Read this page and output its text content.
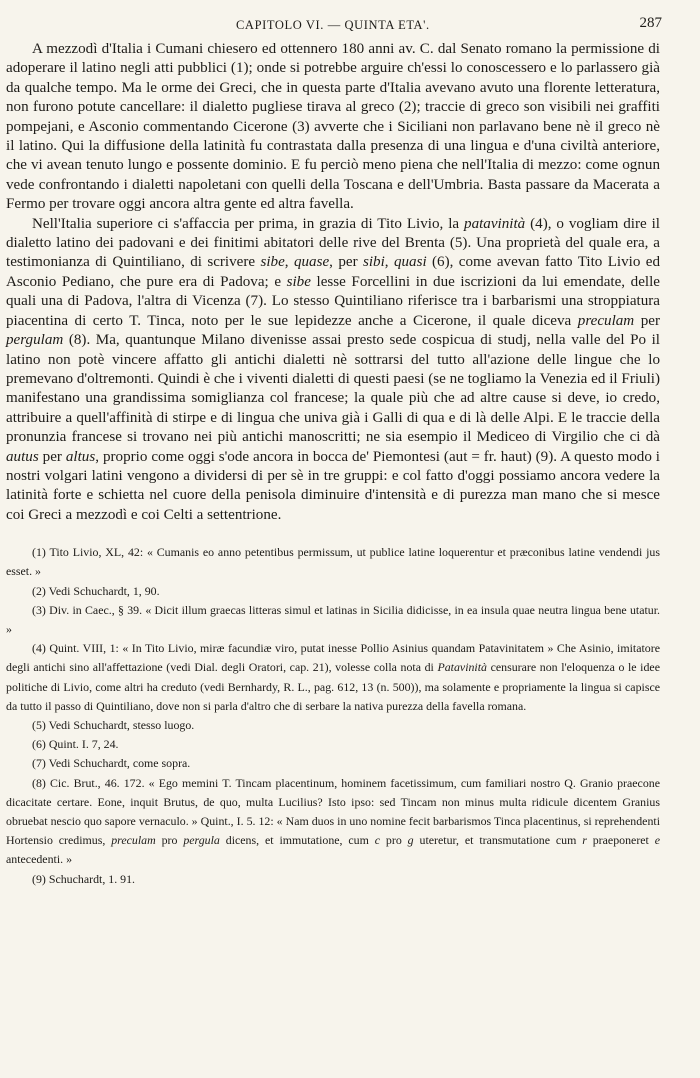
CAPITOLO VI. — QUINTA ETA'.	287

A mezzodì d'Italia i Cumani chiesero ed ottennero 180 anni av. C. dal Senato romano la permissione di adoperare il latino negli atti pubblici (1); onde si potrebbe arguire ch'essi lo conoscessero e lo parlassero già da qualche tempo. Ma le orme dei Greci, che in questa parte d'Italia avevano avuto una florente letteratura, non furono potute cancellare: il dialetto pugliese tirava al greco (2); traccie di greco son visibili nei graffiti pompejani, e Asconio commentando Cicerone (3) avverte che i Siciliani non parlavano bene nè il greco nè il latino. Qui la diffusione della latinità fu contrastata dalla presenza di una lingua e d'una civiltà anteriore, che vi avean tenuto lungo e possente dominio. E fu perciò meno piena che nell'Italia di mezzo: come ognun vede confrontando i dialetti napoletani con quelli della Toscana e dell'Umbria. Basta passare da Macerata a Fermo per trovare oggi ancora altra gente ed altra favella.

Nell'Italia superiore ci s'affaccia per prima, in grazia di Tito Livio, la patavinità (4), o vogliam dire il dialetto latino dei padovani e dei finitimi abitatori delle rive del Brenta (5). Una proprietà del quale era, a testimonianza di Quintiliano, di scrivere sibe, quase, per sibi, quasi (6), come avevan fatto Tito Livio ed Asconio Pediano, che pure era di Padova; e sibe lesse Forcellini in due iscrizioni da lui emendate, delle quali una di Padova, l'altra di Vicenza (7). Lo stesso Quintiliano riferisce tra i barbarismi una stroppiatura piacentina di certo T. Tinca, noto per le sue lepidezze anche a Cicerone, il quale diceva preculam per pergulam (8). Ma, quantunque Milano divenisse assai presto sede cospicua di studj, nella valle del Po il latino non potè vincere affatto gli antichi dialetti nè sottrarsi del tutto all'azione delle lingue che lo premevano d'oltremonti. Quindi è che i viventi dialetti di questi paesi (se ne togliamo la Venezia ed il Friuli) manifestano una grandissima somiglianza col francese; la quale più che ad altre cause si deve, io credo, attribuire a quell'affinità di stirpe e di lingua che univa già i Galli di qua e di là delle Alpi. E le traccie della pronunzia francese si trovano nei più antichi manoscritti; ne sia esempio il Mediceo di Virgilio che ci dà autus per altus, proprio come oggi s'ode ancora in bocca de' Piemontesi (aut = fr. haut) (9). A questo modo i nostri volgari latini vengono a dividersi di per sè in tre gruppi: e col fatto d'oggi possiamo ancora vedere la latinità forte e schietta nel cuore della penisola diminuire d'intensità e di purezza man mano che si mesce coi Greci a mezzodì e coi Celti a settentrione.

(1) Tito Livio, XL, 42: « Cumanis eo anno petentibus permissum, ut publice latine loquerentur et præconibus latine vendendi jus esset. »

(2) Vedi Schuchardt, 1, 90.

(3) Div. in Caec., § 39. « Dicit illum graecas litteras simul et latinas in Sicilia didicisse, in ea insula quae neutra lingua bene utatur. »

(4) Quint. VIII, 1: « In Tito Livio, miræ facundiæ viro, putat inesse Pollio Asinius quandam Patavinitatem » Che Asinio, imitatore degli antichi sino all'affettazione (vedi Dial. degli Oratori, cap. 21), volesse colla nota di Patavinità censurare non l'eloquenza o le idee politiche di Livio, come altri ha creduto (vedi Bernhardy, R. L., pag. 612, 13 (n. 500)), ma solamente e propriamente la lingua si capisce da tutto il passo di Quintiliano, dove non si parla d'altro che di serbare la nativa purezza della favella romana.

(5) Vedi Schuchardt, stesso luogo.

(6) Quint. I. 7, 24.

(7) Vedi Schuchardt, come sopra.

(8) Cic. Brut., 46. 172. « Ego memini T. Tincam placentinum, hominem facetissimum, cum familiari nostro Q. Granio praecone dicacitate certare. Eone, inquit Brutus, de quo, multa Lucilius? Isto ipso: sed Tincam non minus multa ridicule dicentem Granius obruebat nescio quo sapore vernaculo. » Quint., I. 5. 12: « Nam duos in uno nomine fecit barbarismos Tinca placentinus, si reprehendenti Hortensio credimus, preculam pro pergula dicens, et immutatione, cum c pro g uteretur, et transmutatione cum r praeponeret e antecedenti. »

(9) Schuchardt, 1. 91.
